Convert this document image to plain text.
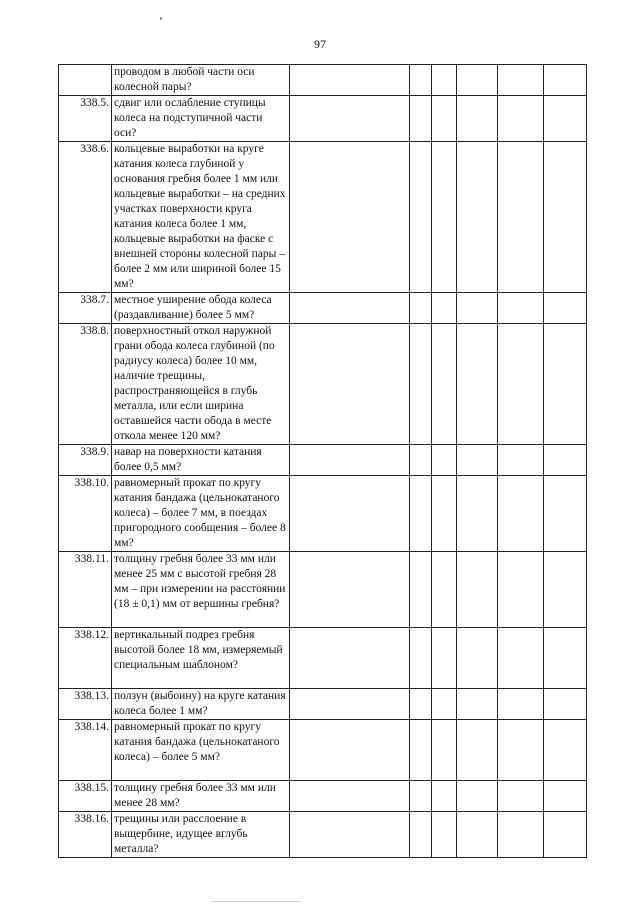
97
	проводом в любой части оси колесной пары?						
338.5.	сдвиг или ослабление ступицы колеса на подступичной части оси?						
338.6.	кольцевые выработки на круге катания колеса глубиной у основания гребня более 1 мм или кольцевые выработки – на средних участках поверхности круга катания колеса более 1 мм, кольцевые выработки на фаске с внешней стороны колесной пары – более 2 мм или шириной более 15 мм?						
338.7.	местное уширение обода колеса (раздавливание) более 5 мм?						
338.8.	поверхностный откол наружной грани обода колеса глубиной (по радиусу колеса) более 10 мм, наличие трещины, распространяющейся в глубь металла, или если ширина оставшейся части обода в месте откола менее 120 мм?						
338.9.	навар на поверхности катания более 0,5 мм?						
338.10.	равномерный прокат по кругу катания бандажа (цельнокатаного колеса) – более 7 мм, в поездах пригородного сообщения – более 8 мм?						
338.11.	толщину гребня более 33 мм или менее 25 мм с высотой гребня 28 мм – при измерении на расстоянии (18 ± 0,1) мм от вершины гребня?						
338.12.	вертикальный подрез гребня высотой более 18 мм, измеряемый специальным шаблоном?						
338.13.	ползун (выбоину) на круге катания колеса более 1 мм?						
338.14.	равномерный прокат по кругу катания бандажа (цельнокатаного колеса) – более 5 мм?						
338.15.	толщину гребня более 33 мм или менее 28 мм?						
338.16.	трещины или расслоение в выщербине, идущее вглубь металла?						
